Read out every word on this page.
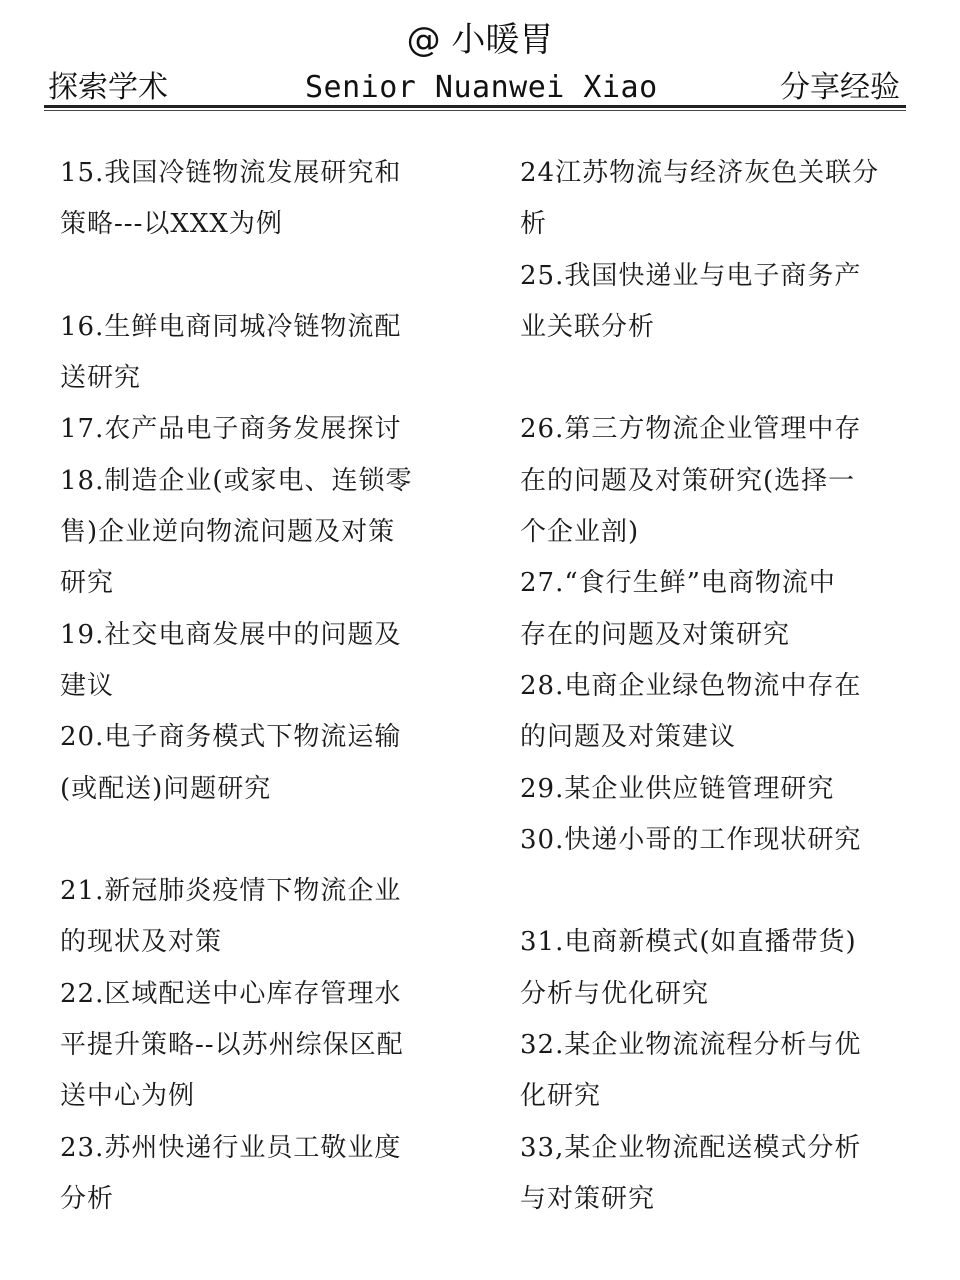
@ 小暖胃
探索学术	Senior Nuanwei Xiao	分享经验
15.我国冷链物流发展研究和
策略---以XXX为例
16.生鲜电商同城冷链物流配
送研究
17.农产品电子商务发展探讨
18.制造企业(或家电、连锁零
售)企业逆向物流问题及对策
研究
19.社交电商发展中的问题及
建议
20.电子商务模式下物流运输
(或配送)问题研究
21.新冠肺炎疫情下物流企业
的现状及对策
22.区域配送中心库存管理水
平提升策略--以苏州综保区配
送中心为例
23.苏州快递行业员工敬业度
分析
24江苏物流与经济灰色关联分
析
25.我国快递业与电子商务产
业关联分析
26.第三方物流企业管理中存
在的问题及对策研究(选择一
个企业剖)
27.“食行生鲜”电商物流中
存在的问题及对策研究
28.电商企业绿色物流中存在
的问题及对策建议
29.某企业供应链管理研究
30.快递小哥的工作现状研究
31.电商新模式(如直播带货)
分析与优化研究
32.某企业物流流程分析与优
化研究
33,某企业物流配送模式分析
与对策研究
